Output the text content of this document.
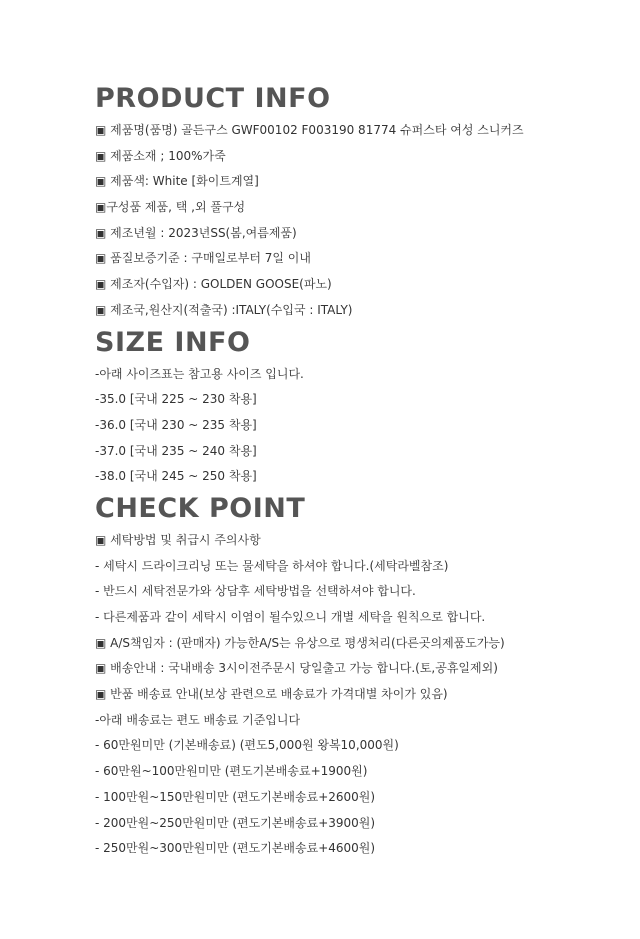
PRODUCT INFO
▣ 제품명(품명) 골든구스 GWF00102 F003190 81774 슈퍼스타 여성 스니커즈
▣ 제품소재 ; 100%가죽
▣ 제품색: White [화이트계열]
▣구성품 제품, 택 ,외 풀구성
▣ 제조년월 : 2023년SS(봄,여름제품)
▣ 품질보증기준 : 구매일로부터 7일 이내
▣ 제조자(수입자) : GOLDEN GOOSE(파노)
▣ 제조국,원산지(적출국) :ITALY(수입국 : ITALY)
SIZE INFO
-아래 사이즈표는 참고용 사이즈 입니다.
-35.0 [국내 225 ~ 230 착용]
-36.0 [국내 230 ~ 235 착용]
-37.0 [국내 235 ~ 240 착용]
-38.0 [국내 245 ~ 250 착용]
CHECK POINT
▣ 세탁방법 및 취급시 주의사항
- 세탁시 드라이크리닝 또는 물세탁을 하셔야 합니다.(세탁라벨참조)
- 반드시 세탁전문가와 상담후 세탁방법을 선택하셔야 합니다.
- 다른제품과 같이 세탁시 이염이 될수있으니 개별 세탁을 원칙으로 합니다.
▣ A/S책임자 : (판매자) 가능한A/S는 유상으로 평생처리(다른곳의제품도가능)
▣ 배송안내 : 국내배송 3시이전주문시 당일출고 가능 합니다.(토,공휴일제외)
▣ 반품 배송료 안내(보상 관련으로 배송료가 가격대별 차이가 있음)
-아래 배송료는 편도 배송료 기준입니다
- 60만원미만 (기본배송료) (편도5,000원 왕복10,000원)
- 60만원~100만원미만 (편도기본배송료+1900원)
- 100만원~150만원미만 (편도기본배송료+2600원)
- 200만원~250만원미만 (편도기본배송료+3900원)
- 250만원~300만원미만 (편도기본배송료+4600원)
